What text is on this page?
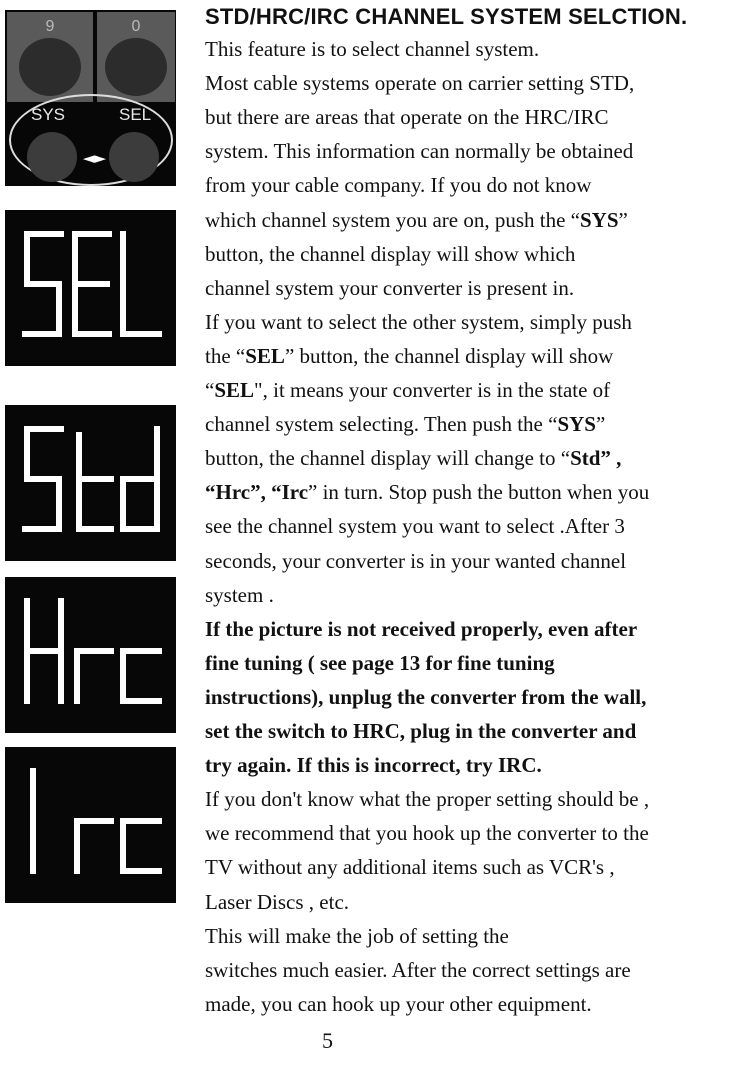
9	0
SYS	SEL
◄►
STD/HRC/IRC CHANNEL SYSTEM SELCTION.
This feature is to select channel system.
Most cable systems operate on carrier setting STD,
but there are areas that operate on the HRC/IRC
system. This information can normally be obtained
from your cable company. If you do not know
which channel system you are on, push the “SYS”
button, the channel display will show which
channel system your converter is present in.
If you want to select the other system, simply push
the “SEL” button, the channel display will show
“SEL", it means your converter is in the state of
channel system selecting. Then push the “SYS”
button, the channel display will change to “Std” ,
“Hrc”, “Irc” in turn. Stop push the button when you
see the channel system you want to select .After 3
seconds, your converter is in your wanted channel
system .
If the picture is not received properly, even after
fine tuning ( see page 13 for fine tuning
instructions), unplug the converter from the wall,
set the switch to HRC, plug in the converter and
try again. If this is incorrect, try IRC.
If you don't know what the proper setting should be ,
we recommend that you hook up the converter to the
TV without any additional items such as VCR's ,
Laser Discs , etc.
This will make the job of setting the
switches much easier. After the correct settings are
made, you can hook up your other equipment.
5
